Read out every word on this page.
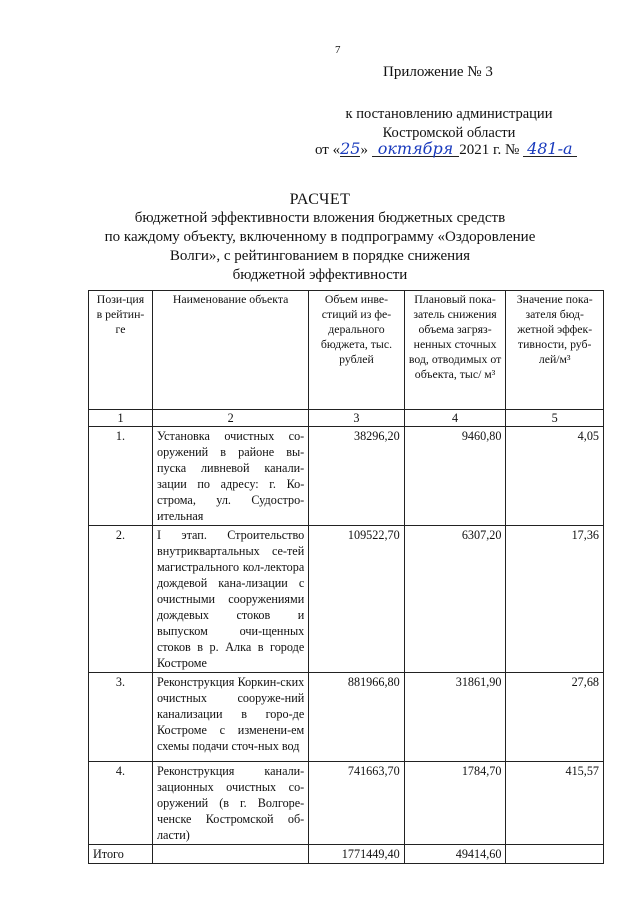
7
Приложение № 3
к постановлению администрации
Костромской области
от «25» октября 2021 г. № 481-а
РАСЧЕТ
бюджетной эффективности вложения бюджетных средств
по каждому объекту, включенному в подпрограмму «Оздоровление
Волги», с рейтингованием в порядке снижения
бюджетной эффективности
Пози-ция в рейтин-ге	Наименование объекта	Объем инве-стиций из фе-дерального бюджета, тыс. рублей	Плановый пока-затель снижения объема загряз-ненных сточных вод, отводимых от объекта, тыс/ м³	Значение пока-зателя бюд-жетной эффек-тивности, руб-лей/м³
1	2	3	4	5
1.	Установка очистных со-оружений в районе вы-пуска ливневой канали-зации по адресу: г. Ко-строма, ул. Судостро-ительная	38296,20	9460,80	4,05
2.	I этап. Строительство внутриквартальных се-тей магистрального кол-лектора дождевой кана-лизации с очистными сооружениями дождевых стоков и выпуском очи-щенных стоков в р. Алка в городе Костроме	109522,70	6307,20	17,36
3.	Реконструкция Коркин-ских очистных сооруже-ний канализации в горо-де Костроме с изменени-ем схемы подачи сточ-ных вод	881966,80	31861,90	27,68
4.	Реконструкция канали-зационных очистных со-оружений (в г. Волгоре-ченске Костромской об-ласти)	741663,70	1784,70	415,57
Итого		1771449,40	49414,60	
